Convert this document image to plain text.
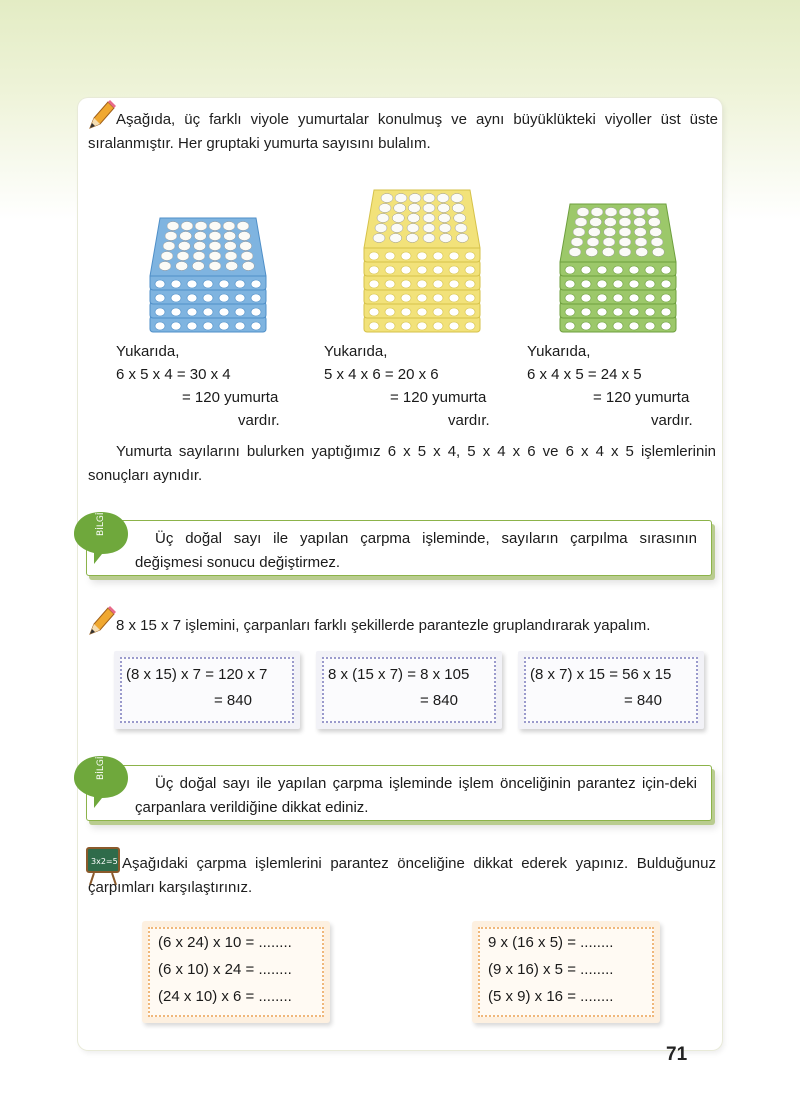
Aşağıda, üç farklı viyole yumurtalar konulmuş ve aynı büyüklükteki viyoller üst üste sıralanmıştır. Her gruptaki yumurta sayısını bulalım.
Yukarıda,
6 x 5 x 4 = 30 x 4
= 120 yumurta
vardır.
Yukarıda,
5 x 4 x 6 = 20 x 6
= 120 yumurta
vardır.
Yukarıda,
6 x 4 x 5 = 24 x 5
= 120 yumurta
vardır.
Yumurta sayılarını bulurken yaptığımız 6 x 5 x 4, 5 x 4 x 6 ve 6 x 4 x 5 işlemlerinin sonuçları aynıdır.
Üç doğal sayı ile yapılan çarpma işleminde, sayıların çarpılma sırasının değişmesi sonucu değiştirmez.
BİLGİ
8 x 15 x 7 işlemini, çarpanları farklı şekillerde parantezle gruplandırarak yapalım.
(8 x 15) x 7 = 120 x 7
= 840
8 x (15 x 7) = 8 x 105
= 840
(8 x 7) x 15 = 56 x 15
= 840
Üç doğal sayı ile yapılan çarpma işleminde işlem önceliğinin parantez için-deki çarpanlara verildiğine dikkat ediniz.
BİLGİ
3x2=5 Aşağıdaki çarpma işlemlerini parantez önceliğine dikkat ederek yapınız. Bulduğunuz çarpımları karşılaştırınız.
(6 x 24) x 10 = ........
(6 x 10) x 24 = ........
(24 x 10) x 6 = ........
9 x (16 x 5) = ........
(9 x 16) x 5 = ........
(5 x 9) x 16 = ........
71
